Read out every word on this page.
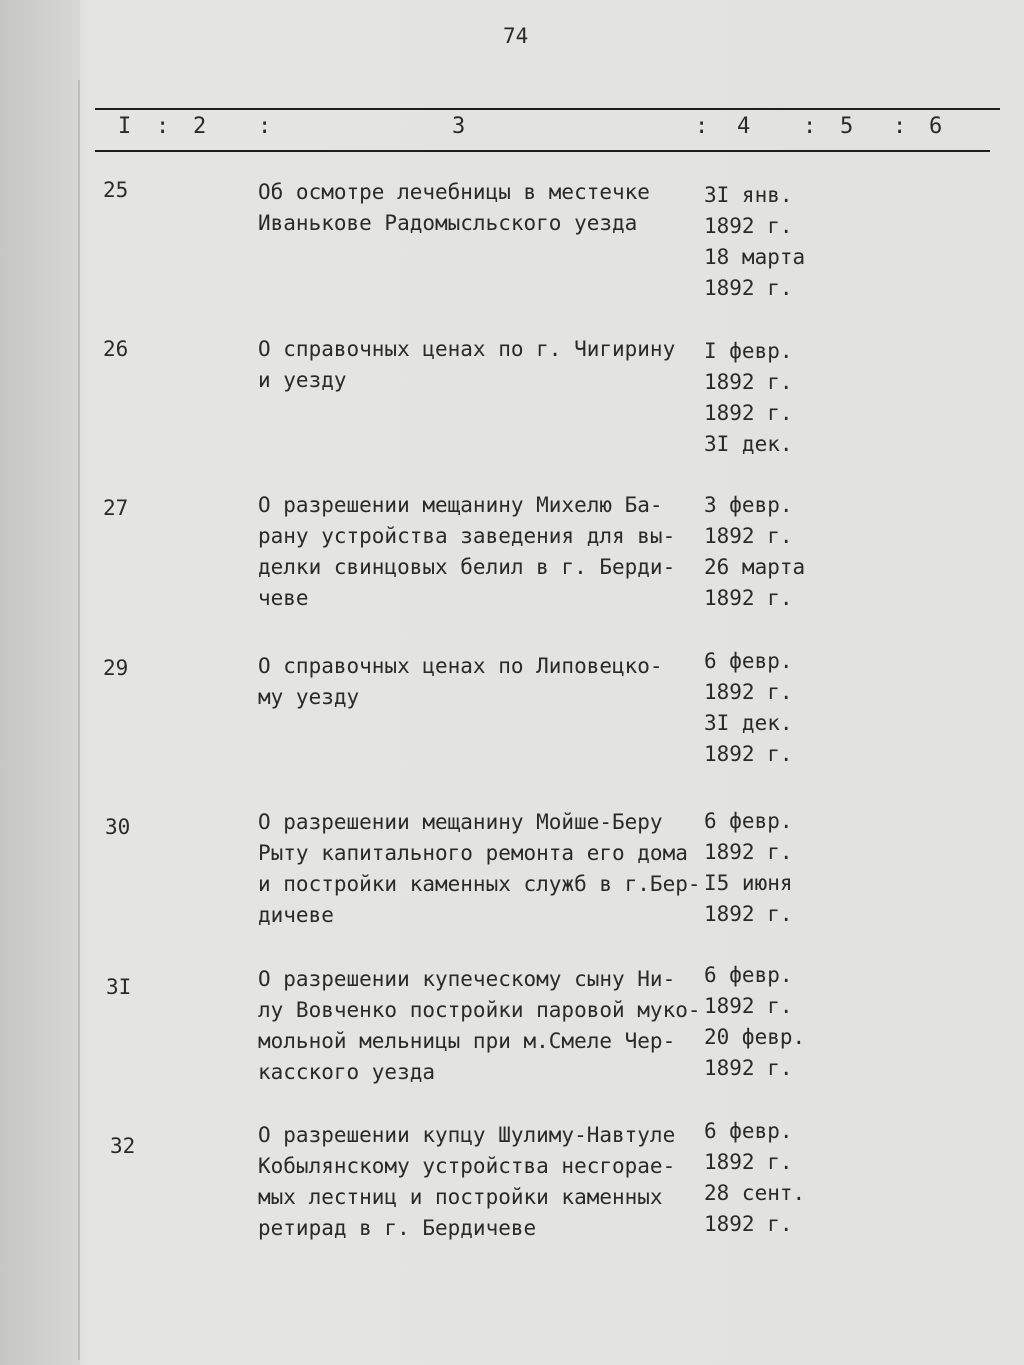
74
I : 2 :	3	: 4 : 5 : 6
25	Об осмотре лечебницы в местечке
Иванькове Радомысльского уезда
3I янв.
1892 г.
18 марта
1892 г.
26	О справочных ценах по г. Чигирину
и уезду
I февр.
1892 г.
1892 г.
3I дек.
27	О разрешении мещанину Михелю Ба-
рану устройства заведения для вы-
делки свинцовых белил в г. Берди-
чеве
3 февр.
1892 г.
26 марта
1892 г.
29	О справочных ценах по Липовецко-
му уезду
6 февр.
1892 г.
3I дек.
1892 г.
30	О разрешении мещанину Мойше-Беру
Рыту капитального ремонта его дома
и постройки каменных служб в г.Бер-
дичеве
6 февр.
1892 г.
I5 июня
1892 г.
3I	О разрешении купеческому сыну Ни-
лу Вовченко постройки паровой муко-
мольной мельницы при м.Смеле Чер-
касского уезда
6 февр.
1892 г.
20 февр.
1892 г.
32	О разрешении купцу Шулиму-Навтуле
Кобылянскому устройства несгорае-
мых лестниц и постройки каменных
ретирад в г. Бердичеве
6 февр.
1892 г.
28 сент.
1892 г.
